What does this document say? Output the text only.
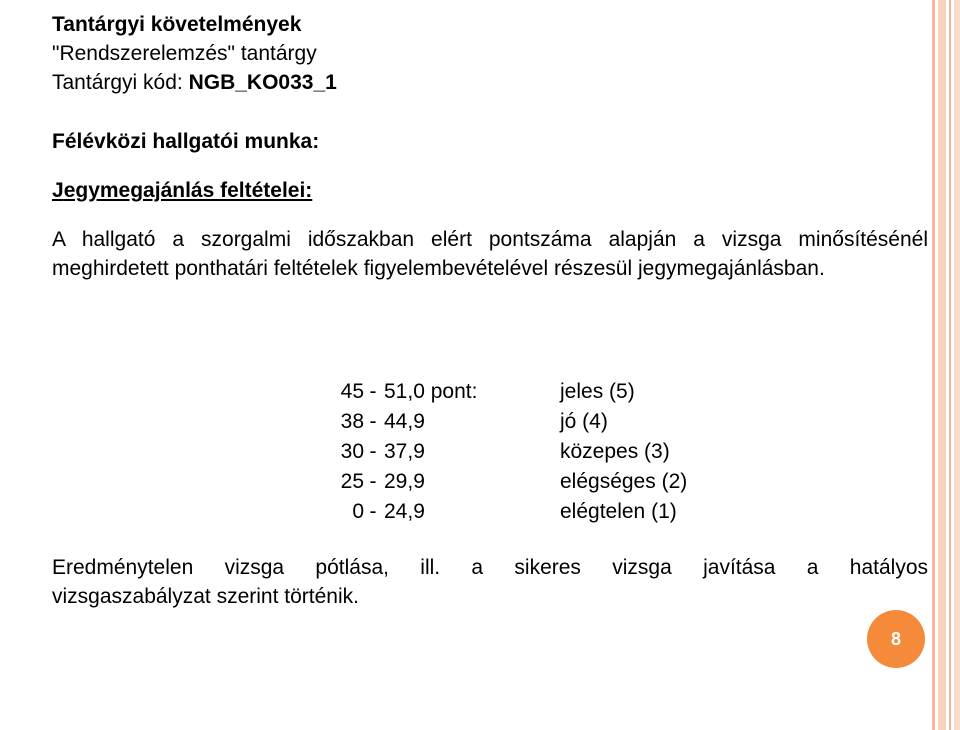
Tantárgyi követelmények
"Rendszerelemzés" tantárgy
Tantárgyi kód: NGB_KO033_1
Félévközi hallgatói munka:
Jegymegajánlás feltételei:
A hallgató a szorgalmi időszakban elért pontszáma alapján a vizsga minősítésénél meghirdetett ponthatári feltételek figyelembevételével részesül jegymegajánlásban.
45	-	51,0 pont:	jeles (5)
38	-	44,9	jó (4)
30	-	37,9	közepes (3)
25	-	29,9	elégséges (2)
0	-	24,9	elégtelen (1)
Eredménytelen vizsga pótlása, ill. a sikeres vizsga javítása a hatályos
vizsgaszabályzat szerint történik.
8
